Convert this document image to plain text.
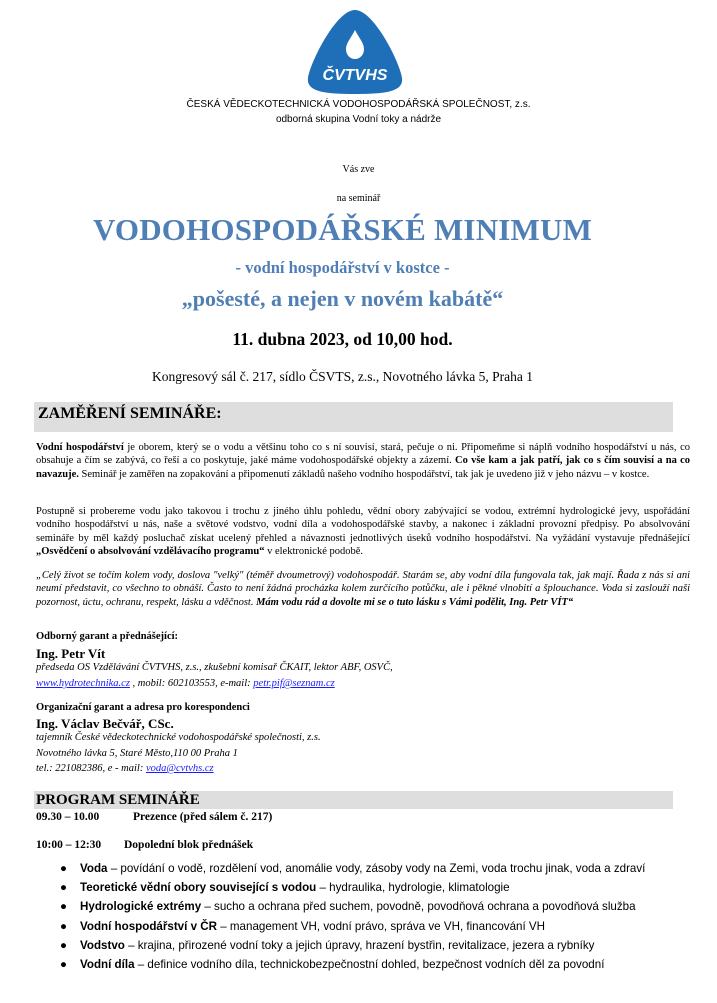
ČVTVHS
ČESKÁ VĚDECKOTECHNICKÁ VODOHOSPODÁŘSKÁ SPOLEČNOST, z.s.
odborná skupina Vodní toky a nádrže
Vás zve
na seminář
VODOHOSPODÁŘSKÉ MINIMUM
- vodní hospodářství v kostce -
„pošesté, a nejen v novém kabátě“
11. dubna 2023, od 10,00 hod.
Kongresový sál č. 217, sídlo ČSVTS, z.s., Novotného lávka 5, Praha 1
ZAMĚŘENÍ SEMINÁŘE:
Vodní hospodářství je oborem, který se o vodu a většinu toho co s ní souvisí, stará, pečuje o ni. Připomeňme si náplň vodního hospodářství u nás, co obsahuje a čím se zabývá, co řeší a co poskytuje, jaké máme vodohospodářské objekty a zázemí. Co vše kam a jak patří, jak co s čím souvisí a na co navazuje. Seminář je zaměřen na zopakování a připomenutí základů našeho vodního hospodářství, tak jak je uvedeno již v jeho názvu – v kostce.
Postupně si probereme vodu jako takovou i trochu z jiného úhlu pohledu, vědní obory zabývající se vodou, extrémní hydrologické jevy, uspořádání vodního hospodářství u nás, naše a světové vodstvo, vodní díla a vodohospodářské stavby, a nakonec i základní provozní předpisy. Po absolvování semináře by měl každý posluchač získat ucelený přehled a návaznosti jednotlivých úseků vodního hospodářství. Na vyžádání vystavuje přednášející „Osvědčení o absolvování vzdělávacího programu“ v elektronické podobě.
„Celý život se točím kolem vody, doslova "velký" (téměř dvoumetrový) vodohospodář. Starám se, aby vodní díla fungovala tak, jak mají. Řada z nás si ani neumí představit, co všechno to obnáší. Často to není žádná procházka kolem zurčícího potůčku, ale i pěkné vlnobití a šplouchance. Voda si zaslouží naši pozornost, úctu, ochranu, respekt, lásku a vděčnost. Mám vodu rád a dovolte mi se o tuto lásku s Vámi podělit, Ing. Petr VÍT“
Odborný garant a přednášející:
Ing. Petr Vít
předseda OS Vzdělávání ČVTVHS, z.s., zkušební komisař ČKAIT, lektor ABF, OSVČ,
www.hydrotechnika.cz , mobil: 602103553, e-mail: petr.pif@seznam.cz
Organizační garant a adresa pro korespondenci
Ing. Václav Bečvář, CSc.
tajemník České vědeckotechnické vodohospodářské společnosti, z.s.
Novotného lávka 5, Staré Město,110 00 Praha 1
tel.: 221082386, e - mail: voda@cvtvhs.cz
PROGRAM SEMINÁŘE
09.30 – 10.00	Prezence (před sálem č. 217)
10:00 – 12:30 Dopolední blok přednášek
● Voda – povídání o vodě, rozdělení vod, anomálie vody, zásoby vody na Zemi, voda trochu jinak, voda a zdraví
● Teoretické vědní obory související s vodou – hydraulika, hydrologie, klimatologie
● Hydrologické extrémy – sucho a ochrana před suchem, povodně, povodňová ochrana a povodňová služba
● Vodní hospodářství v ČR – management VH, vodní právo, správa ve VH, financování VH
● Vodstvo – krajina, přirozené vodní toky a jejich úpravy, hrazení bystřin, revitalizace, jezera a rybníky
● Vodní díla – definice vodního díla, technickobezpečnostní dohled, bezpečnost vodních děl za povodní
